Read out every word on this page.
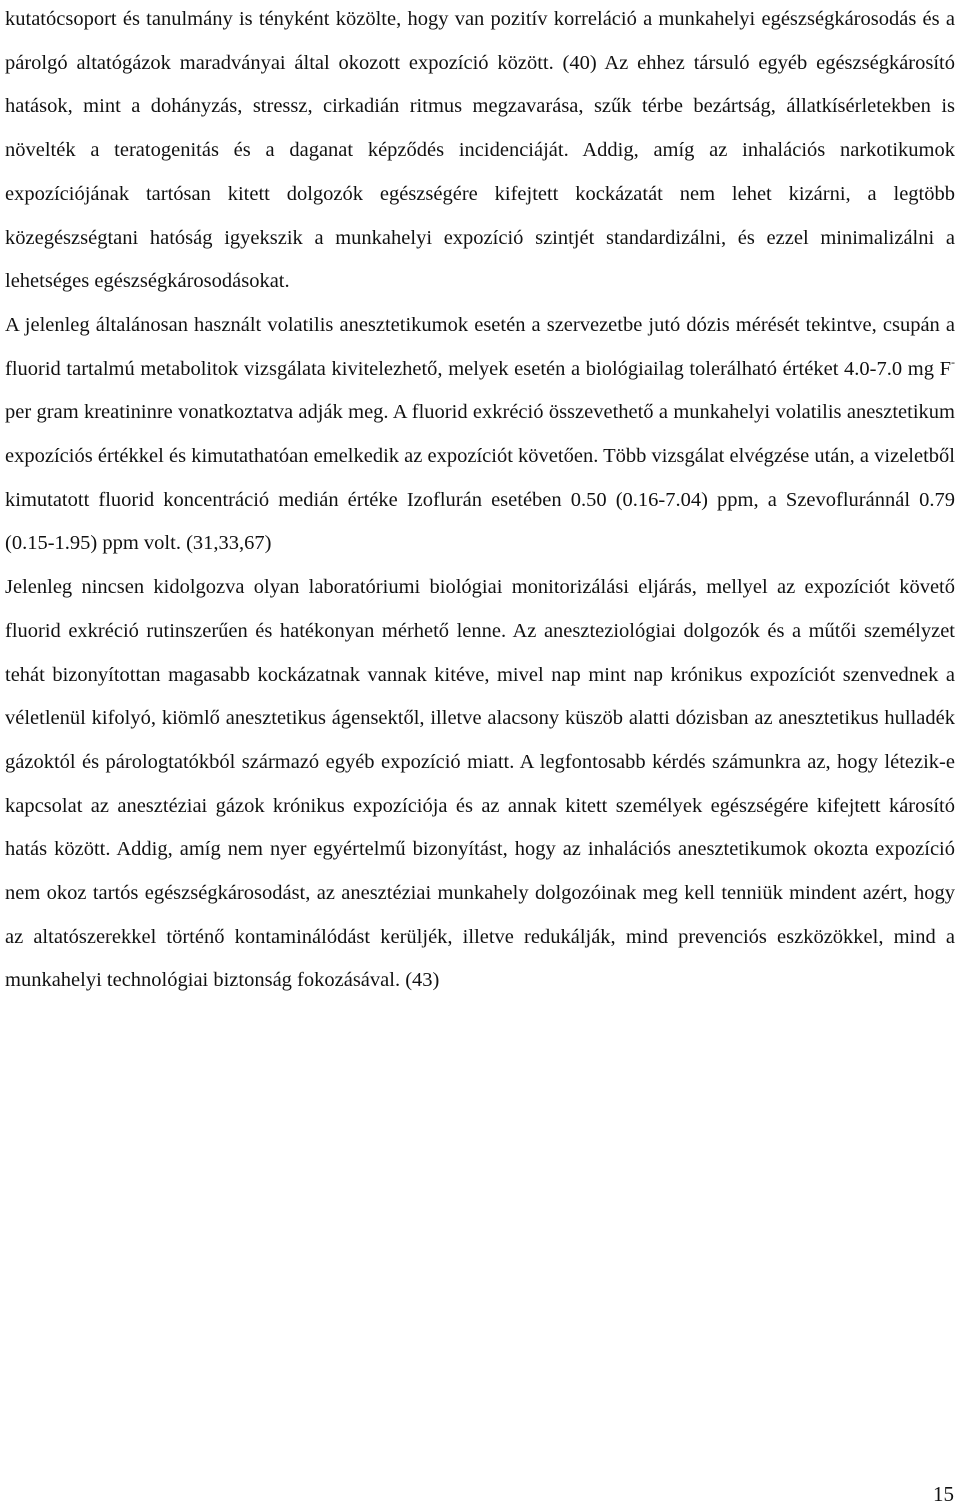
kutatócsoport és tanulmány is tényként közölte, hogy van pozitív korreláció a munkahelyi egészségkárosodás és a párolgó altatógázok maradványai által okozott expozíció között. (40) Az ehhez társuló egyéb egészségkárosító hatások, mint a dohányzás, stressz, cirkadián ritmus megzavarása, szűk térbe bezártság, állatkísérletekben is növelték a teratogenitás és a daganat képződés incidenciáját. Addig, amíg az inhalációs narkotikumok expozíciójának tartósan kitett dolgozók egészségére kifejtett kockázatát nem lehet kizárni, a legtöbb közegészségtani hatóság igyekszik a munkahelyi expozíció szintjét standardizálni, és ezzel minimalizálni a lehetséges egészségkárosodásokat.

A jelenleg általánosan használt volatilis anesztetikumok esetén a szervezetbe jutó dózis mérését tekintve, csupán a fluorid tartalmú metabolitok vizsgálata kivitelezhető, melyek esetén a biológiailag tolerálható értéket 4.0-7.0 mg F- per gram kreatininre vonatkoztatva adják meg. A fluorid exkréció összevethető a munkahelyi volatilis anesztetikum expozíciós értékkel és kimutathatóan emelkedik az expozíciót követően. Több vizsgálat elvégzése után, a vizeletből kimutatott fluorid koncentráció medián értéke Izoflurán esetében 0.50 (0.16-7.04) ppm, a Szevofluránnál 0.79 (0.15-1.95) ppm volt. (31,33,67)

Jelenleg nincsen kidolgozva olyan laboratóriumi biológiai monitorizálási eljárás, mellyel az expozíciót követő fluorid exkréció rutinszerűen és hatékonyan mérhető lenne. Az aneszteziológiai dolgozók és a műtői személyzet tehát bizonyítottan magasabb kockázatnak vannak kitéve, mivel nap mint nap krónikus expozíciót szenvednek a véletlenül kifolyó, kiömlő anesztetikus ágensektől, illetve alacsony küszöb alatti dózisban az anesztetikus hulladék gázoktól és párologtatókból származó egyéb expozíció miatt. A legfontosabb kérdés számunkra az, hogy létezik-e kapcsolat az anesztéziai gázok krónikus expozíciója és az annak kitett személyek egészségére kifejtett károsító hatás között. Addig, amíg nem nyer egyértelmű bizonyítást, hogy az inhalációs anesztetikumok okozta expozíció nem okoz tartós egészségkárosodást, az anesztéziai munkahely dolgozóinak meg kell tenniük mindent azért, hogy az altatószerekkel történő kontaminálódást kerüljék, illetve redukálják, mind prevenciós eszközökkel, mind a munkahelyi technológiai biztonság fokozásával. (43)

15
